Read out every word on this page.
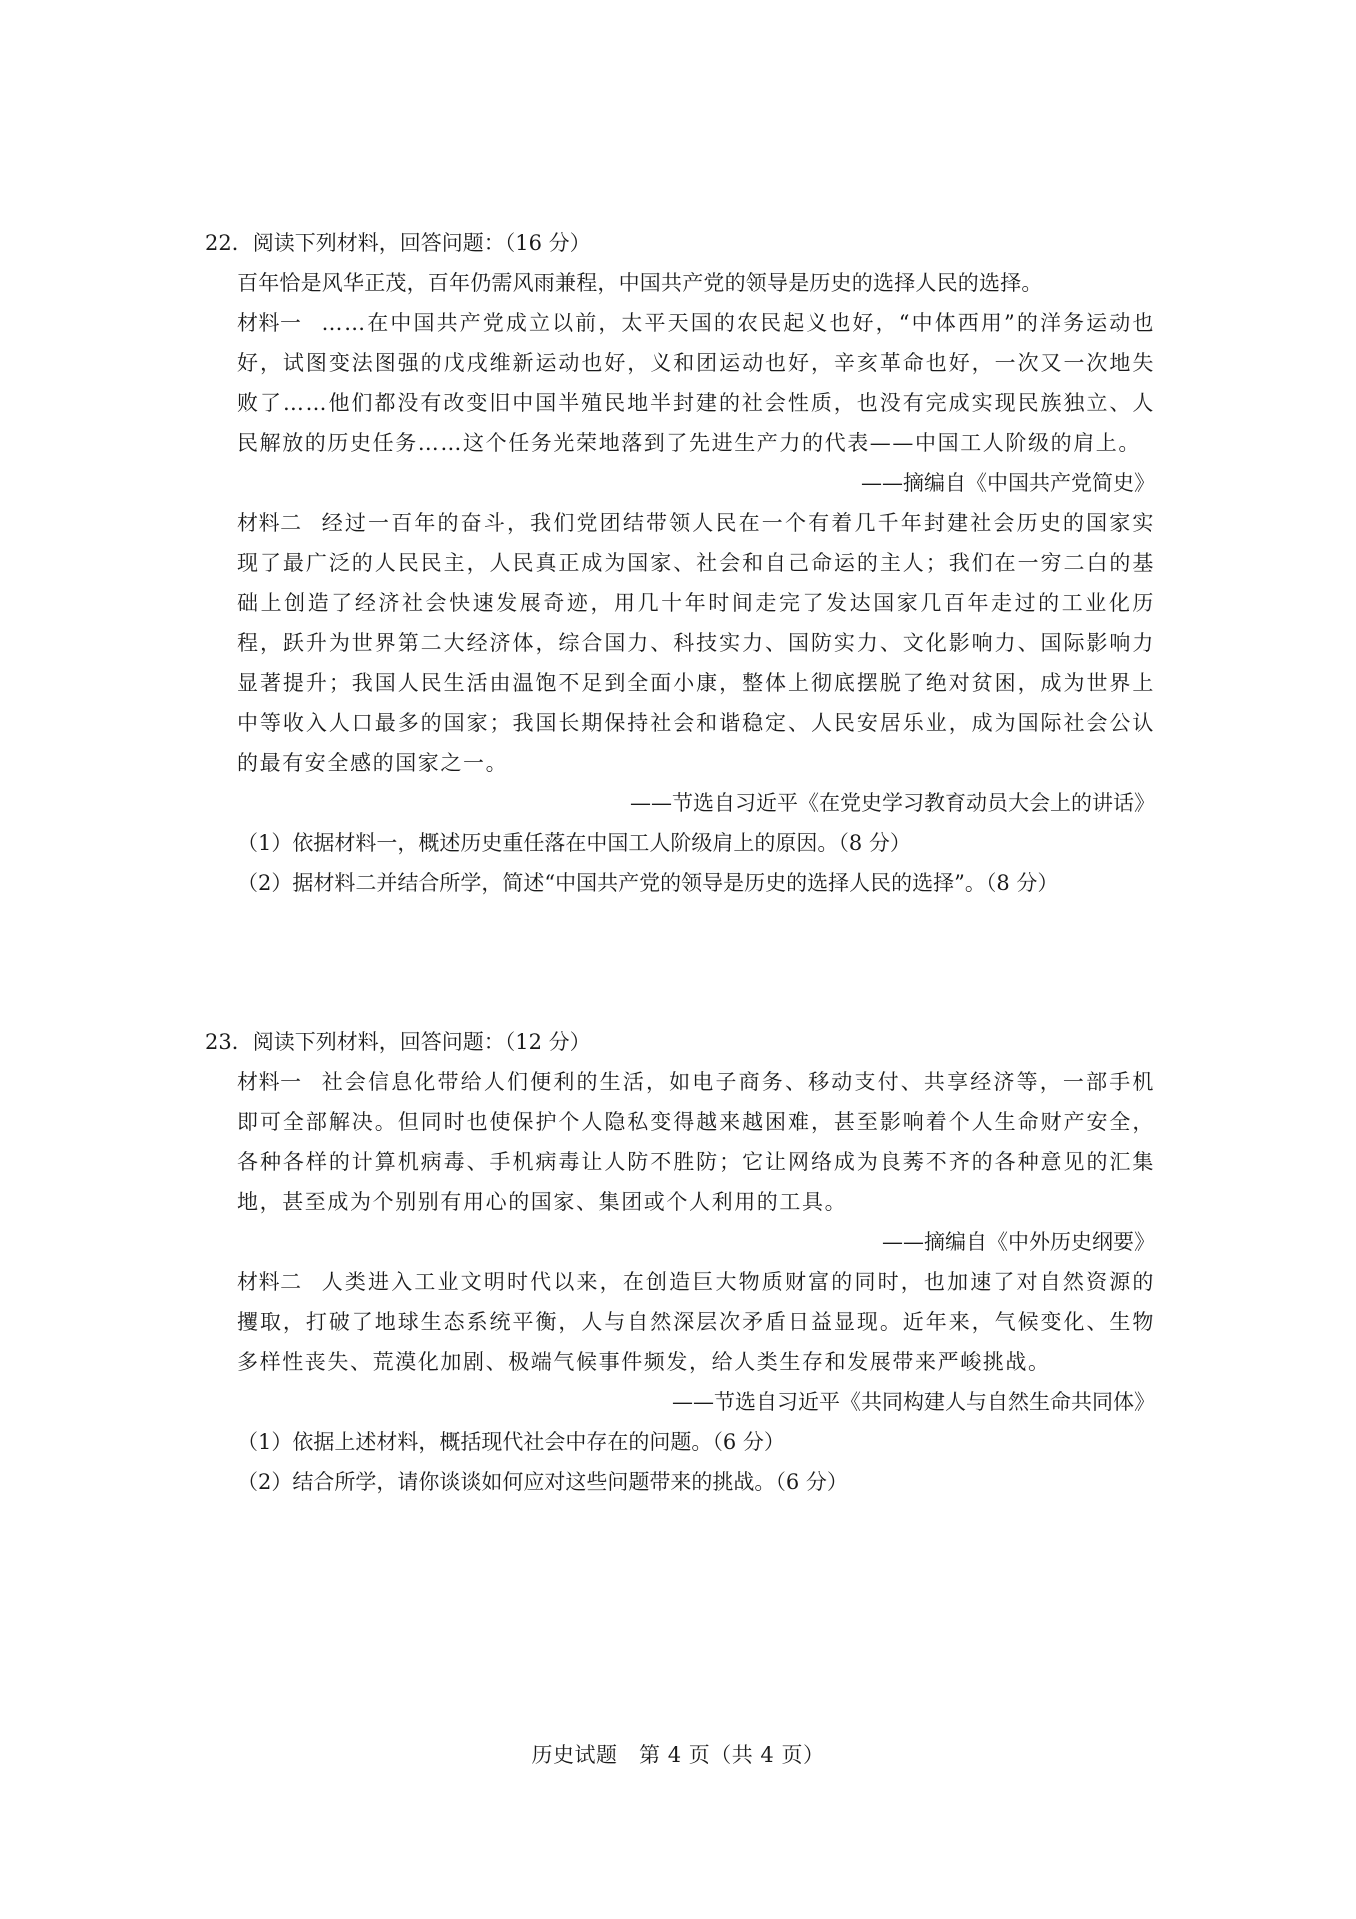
22．阅读下列材料，回答问题：（16 分）
百年恰是风华正茂，百年仍需风雨兼程，中国共产党的领导是历史的选择人民的选择。
材料一 ……在中国共产党成立以前，太平天国的农民起义也好，“中体西用”的洋务运动也好，试图变法图强的戊戌维新运动也好，义和团运动也好，辛亥革命也好，一次又一次地失败了……他们都没有改变旧中国半殖民地半封建的社会性质，也没有完成实现民族独立、人民解放的历史任务……这个任务光荣地落到了先进生产力的代表——中国工人阶级的肩上。
——摘编自《中国共产党简史》
材料二 经过一百年的奋斗，我们党团结带领人民在一个有着几千年封建社会历史的国家实现了最广泛的人民民主，人民真正成为国家、社会和自己命运的主人；我们在一穷二白的基础上创造了经济社会快速发展奇迹，用几十年时间走完了发达国家几百年走过的工业化历程，跃升为世界第二大经济体，综合国力、科技实力、国防实力、文化影响力、国际影响力显著提升；我国人民生活由温饱不足到全面小康，整体上彻底摆脱了绝对贫困，成为世界上中等收入人口最多的国家；我国长期保持社会和谐稳定、人民安居乐业，成为国际社会公认的最有安全感的国家之一。
——节选自习近平《在党史学习教育动员大会上的讲话》
（1）依据材料一，概述历史重任落在中国工人阶级肩上的原因。（8 分）
（2）据材料二并结合所学，简述“中国共产党的领导是历史的选择人民的选择”。（8 分）
23．阅读下列材料，回答问题：（12 分）
材料一 社会信息化带给人们便利的生活，如电子商务、移动支付、共享经济等，一部手机即可全部解决。但同时也使保护个人隐私变得越来越困难，甚至影响着个人生命财产安全，各种各样的计算机病毒、手机病毒让人防不胜防；它让网络成为良莠不齐的各种意见的汇集地，甚至成为个别别有用心的国家、集团或个人利用的工具。
——摘编自《中外历史纲要》
材料二 人类进入工业文明时代以来，在创造巨大物质财富的同时，也加速了对自然资源的攫取，打破了地球生态系统平衡，人与自然深层次矛盾日益显现。近年来，气候变化、生物多样性丧失、荒漠化加剧、极端气候事件频发，给人类生存和发展带来严峻挑战。
——节选自习近平《共同构建人与自然生命共同体》
（1）依据上述材料，概括现代社会中存在的问题。（6 分）
（2）结合所学，请你谈谈如何应对这些问题带来的挑战。（6 分）
历史试题　第 4 页（共 4 页）
